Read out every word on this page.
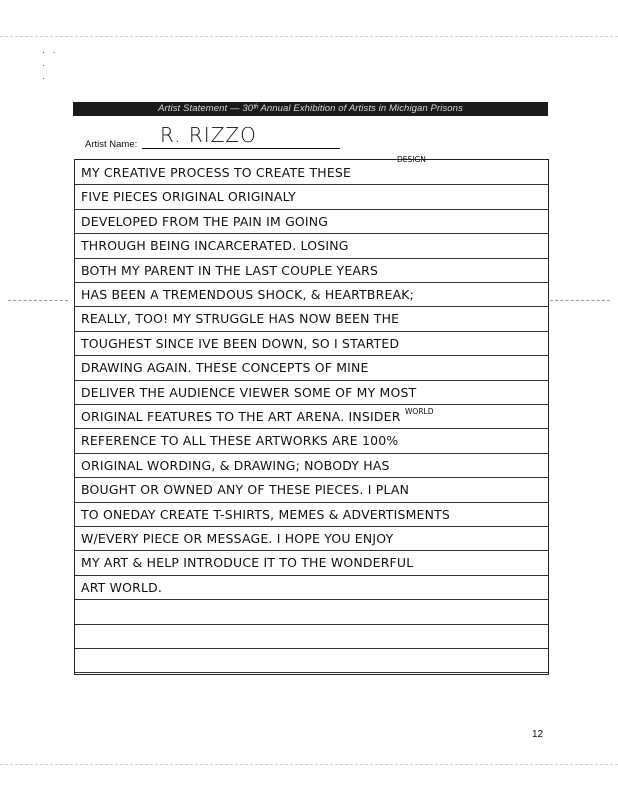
·   ·
·
·
Artist Statement — 30ᵗʰ Annual Exhibition of Artists in Michigan Prisons
Artist Name: R. RIZZO
DESIGN
WORLD
MY CREATIVE PROCESS TO CREATE THESE
FIVE PIECES ORIGINAL ORIGINALY
DEVELOPED FROM THE PAIN IM GOING
THROUGH BEING INCARCERATED. LOSING
BOTH MY PARENT IN THE LAST COUPLE YEARS
HAS BEEN A TREMENDOUS SHOCK, & HEARTBREAK;
REALLY, TOO! MY STRUGGLE HAS NOW BEEN THE
TOUGHEST SINCE IVE BEEN DOWN, SO I STARTED
DRAWING AGAIN. THESE CONCEPTS OF MINE
DELIVER THE AUDIENCE VIEWER SOME OF MY MOST
ORIGINAL FEATURES TO THE ART ARENA. INSIDER
REFERENCE TO ALL THESE ARTWORKS ARE 100%
ORIGINAL WORDING, & DRAWING; NOBODY HAS
BOUGHT OR OWNED ANY OF THESE PIECES. I PLAN
TO ONEDAY CREATE T-SHIRTS, MEMES & ADVERTISMENTS
W/EVERY PIECE OR MESSAGE. I HOPE YOU ENJOY
MY ART & HELP INTRODUCE IT TO THE WONDERFUL
ART WORLD.
12
